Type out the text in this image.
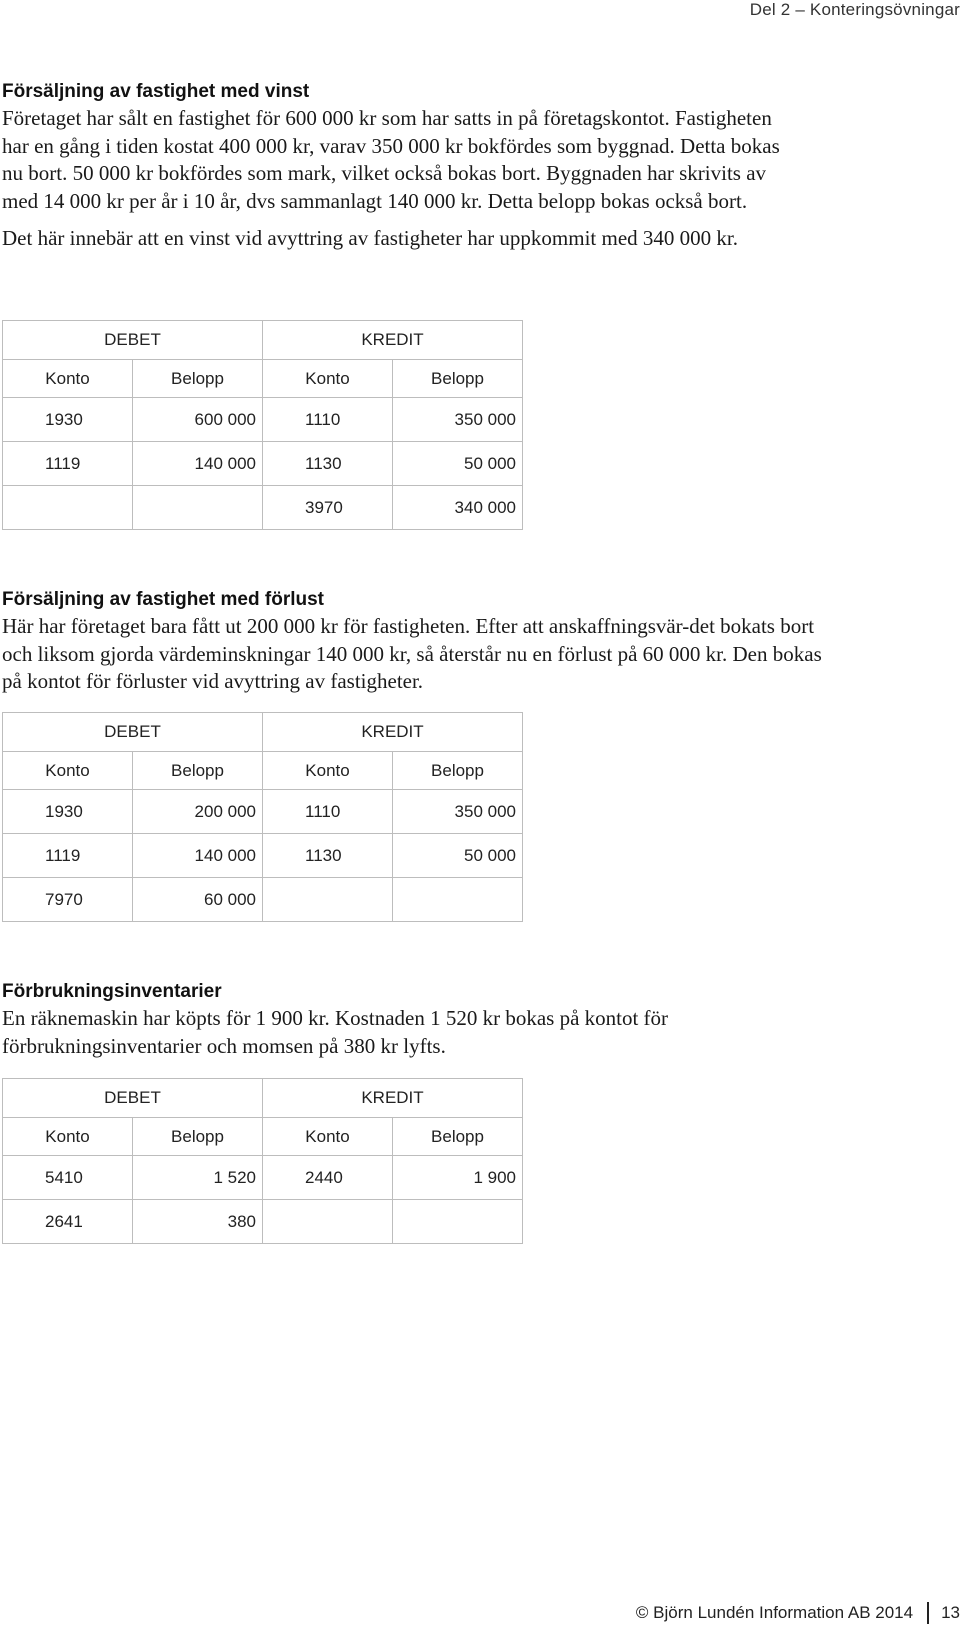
Del 2 – Konteringsövningar
Försäljning av fastighet med vinst

Företaget har sålt en fastighet för 600 000 kr som har satts in på företagskontot. Fastigheten har en gång i tiden kostat 400 000 kr, varav 350 000 kr bokfördes som byggnad. Detta bokas nu bort. 50 000 kr bokfördes som mark, vilket också bokas bort. Byggnaden har skrivits av med 14 000 kr per år i 10 år, dvs sammanlagt 140 000 kr. Detta belopp bokas också bort.

Det här innebär att en vinst vid avyttring av fastigheter har uppkommit med 340 000 kr.

DEBET		KREDIT	
Konto	Belopp	Konto	Belopp
1930	600 000	1110	350 000
1119	140 000	1130	50 000
		3970	340 000
Försäljning av fastighet med förlust

Här har företaget bara fått ut 200 000 kr för fastigheten. Efter att anskaffningsvär-det bokats bort och liksom gjorda värdeminskningar 140 000 kr, så återstår nu en förlust på 60 000 kr. Den bokas på kontot för förluster vid avyttring av fastigheter.

DEBET		KREDIT	
Konto	Belopp	Konto	Belopp
1930	200 000	1110	350 000
1119	140 000	1130	50 000
7970	60 000		
Förbrukningsinventarier

En räknemaskin har köpts för 1 900 kr. Kostnaden 1 520 kr bokas på kontot för förbrukningsinventarier och momsen på 380 kr lyfts.

DEBET		KREDIT	
Konto	Belopp	Konto	Belopp
5410	1 520	2440	1 900
2641	380		
© Björn Lundén Information AB 2014 13
